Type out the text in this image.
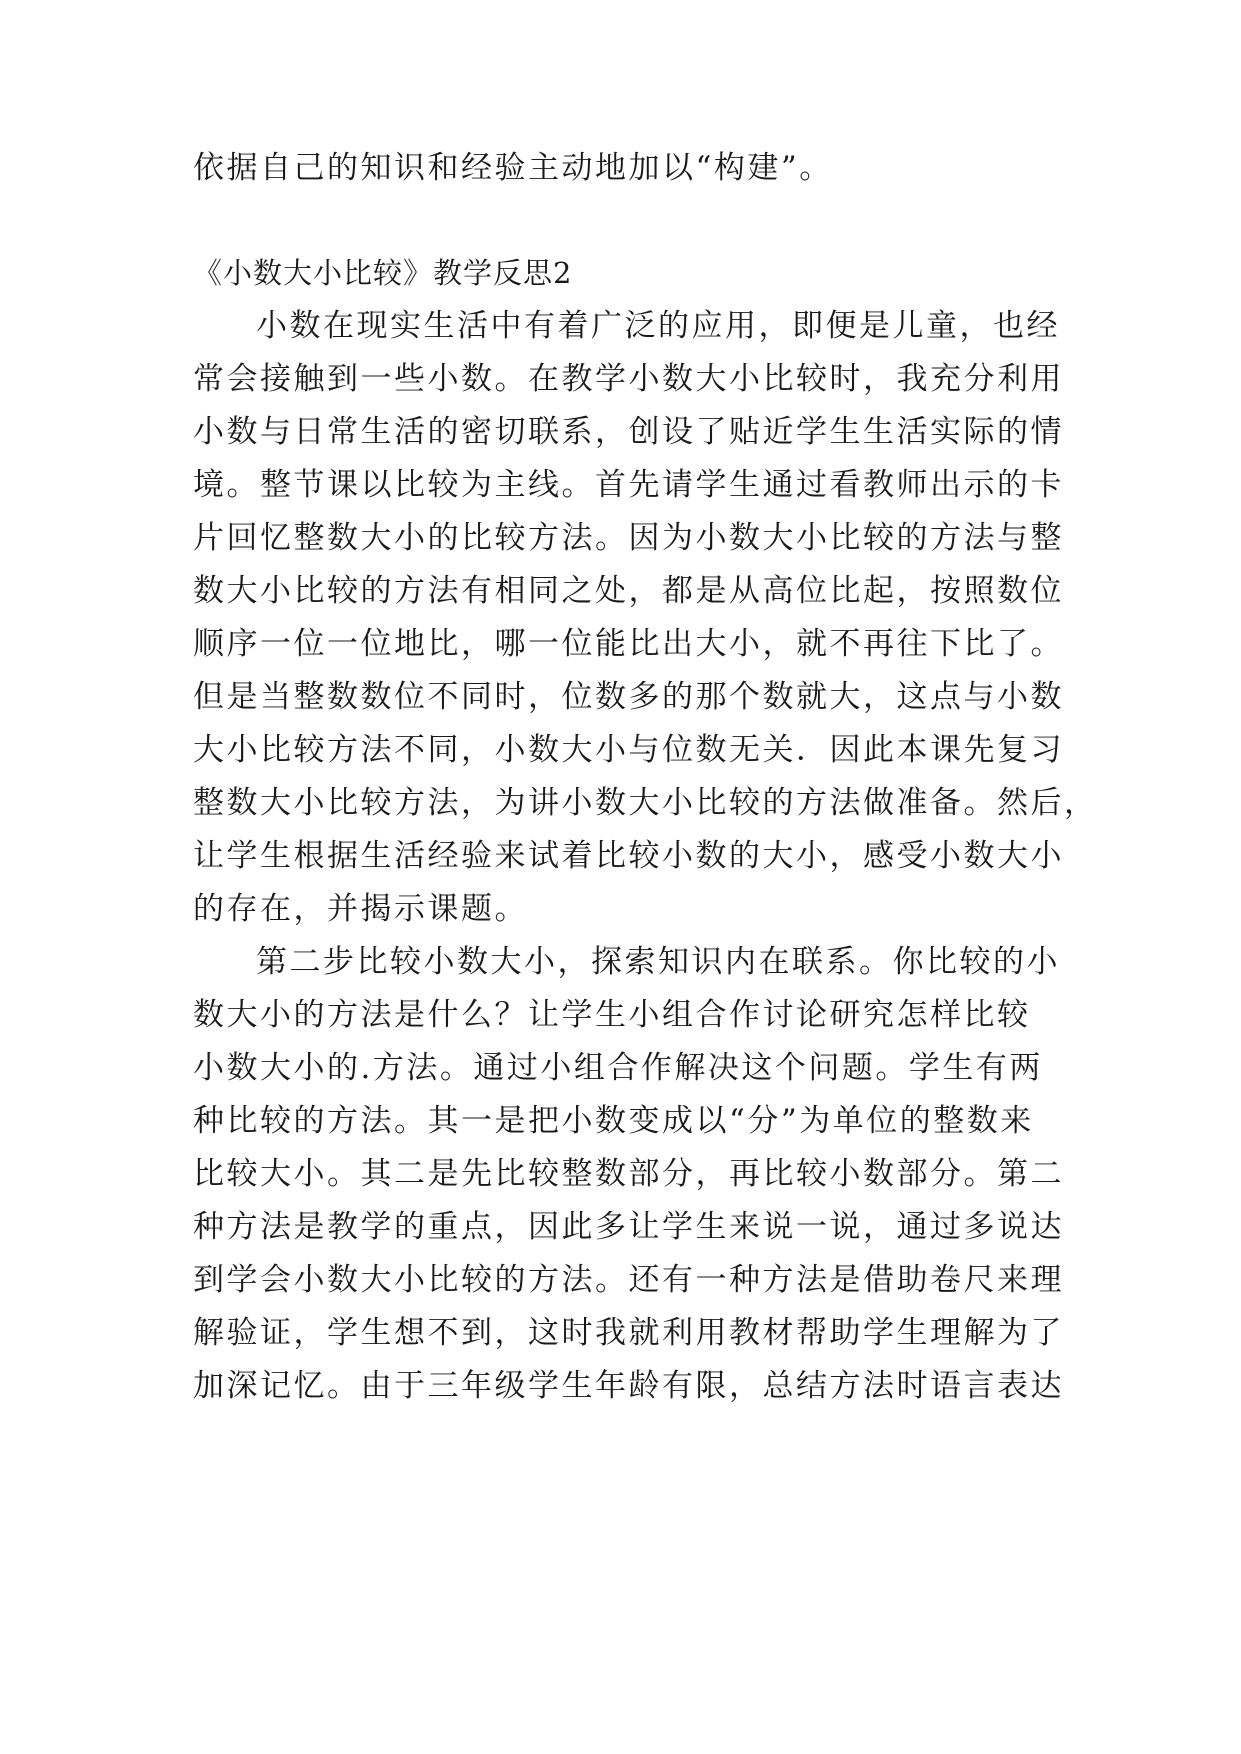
依据自己的知识和经验主动地加以“构建”。
《小数大小比较》教学反思2
小数在现实生活中有着广泛的应用，即便是儿童，也经
常会接触到一些小数。在教学小数大小比较时，我充分利用
小数与日常生活的密切联系，创设了贴近学生生活实际的情
境。整节课以比较为主线。首先请学生通过看教师出示的卡
片回忆整数大小的比较方法。因为小数大小比较的方法与整
数大小比较的方法有相同之处，都是从高位比起，按照数位
顺序一位一位地比，哪一位能比出大小，就不再往下比了。
但是当整数数位不同时，位数多的那个数就大，这点与小数
大小比较方法不同，小数大小与位数无关．因此本课先复习
整数大小比较方法，为讲小数大小比较的方法做准备。然后，
让学生根据生活经验来试着比较小数的大小，感受小数大小
的存在，并揭示课题。
第二步比较小数大小，探索知识内在联系。你比较的小
数大小的方法是什么？让学生小组合作讨论研究怎样比较
小数大小的.方法。通过小组合作解决这个问题。学生有两
种比较的方法。其一是把小数变成以“分”为单位的整数来
比较大小。其二是先比较整数部分，再比较小数部分。第二
种方法是教学的重点，因此多让学生来说一说，通过多说达
到学会小数大小比较的方法。还有一种方法是借助卷尺来理
解验证，学生想不到，这时我就利用教材帮助学生理解为了
加深记忆。由于三年级学生年龄有限，总结方法时语言表达
